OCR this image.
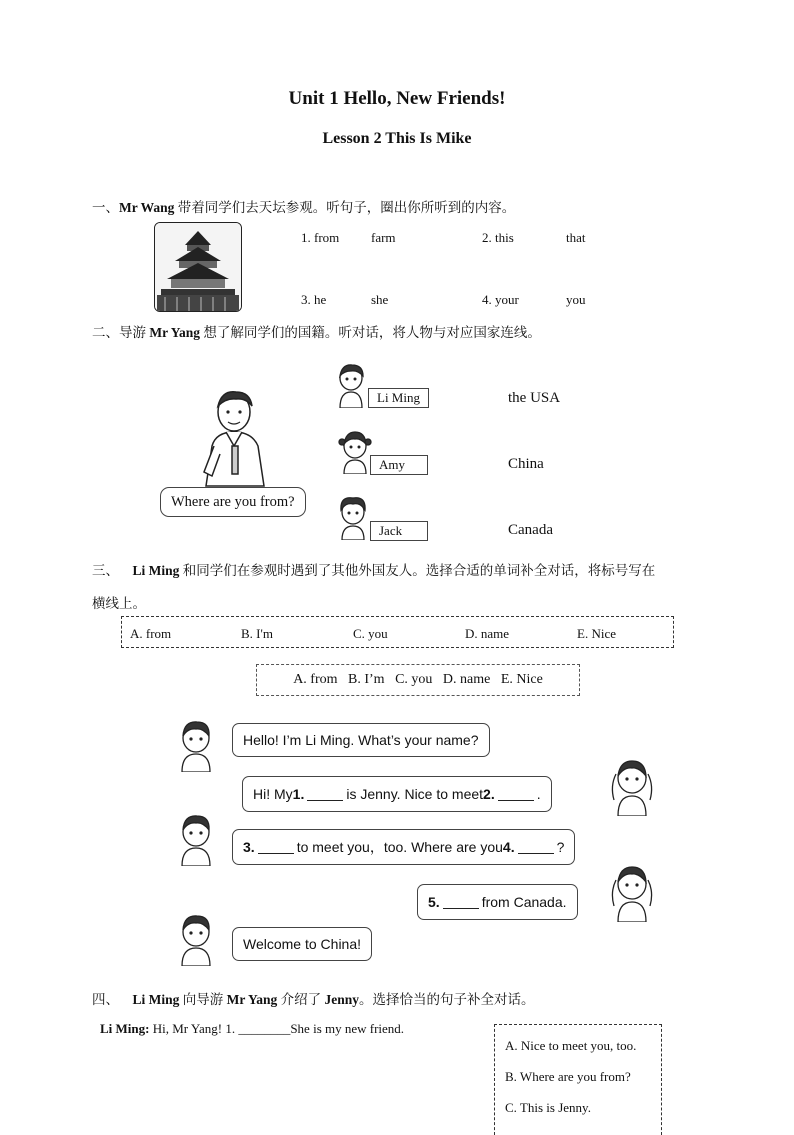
Unit 1 Hello, New Friends!
Lesson 2 This Is Mike
一、Mr Wang 带着同学们去天坛参观。听句子，圈出你所听到的内容。
1. from farm	2. this	that
3. he	she	4. your	you
二、导游 Mr Yang 想了解同学们的国籍。听对话，将人物与对应国家连线。
Where are you from?
Li Ming
Amy
Jack
the USA
China
Canada
三、 Li Ming 和同学们在参观时遇到了其他外国友人。选择合适的单词补全对话，将标号写在
横线上。
A. from	B. I'm	C. you	D. name	E. Nice
A. from   B. I’m   C. you   D. name   E. Nice
Hello! I’m Li Ming. What’s your name?
Hi! My 1.	is Jenny. Nice to meet 2.	.
3.	to meet you，too. Where are you 4.	?
5.	from Canada.
Welcome to China!
四、 Li Ming 向导游 Mr Yang 介绍了 Jenny。选择恰当的句子补全对话。
Li Ming: Hi, Mr Yang! 1. ________She is my new friend.
A. Nice to meet you, too.
B. Where are you from?
C. This is Jenny.
